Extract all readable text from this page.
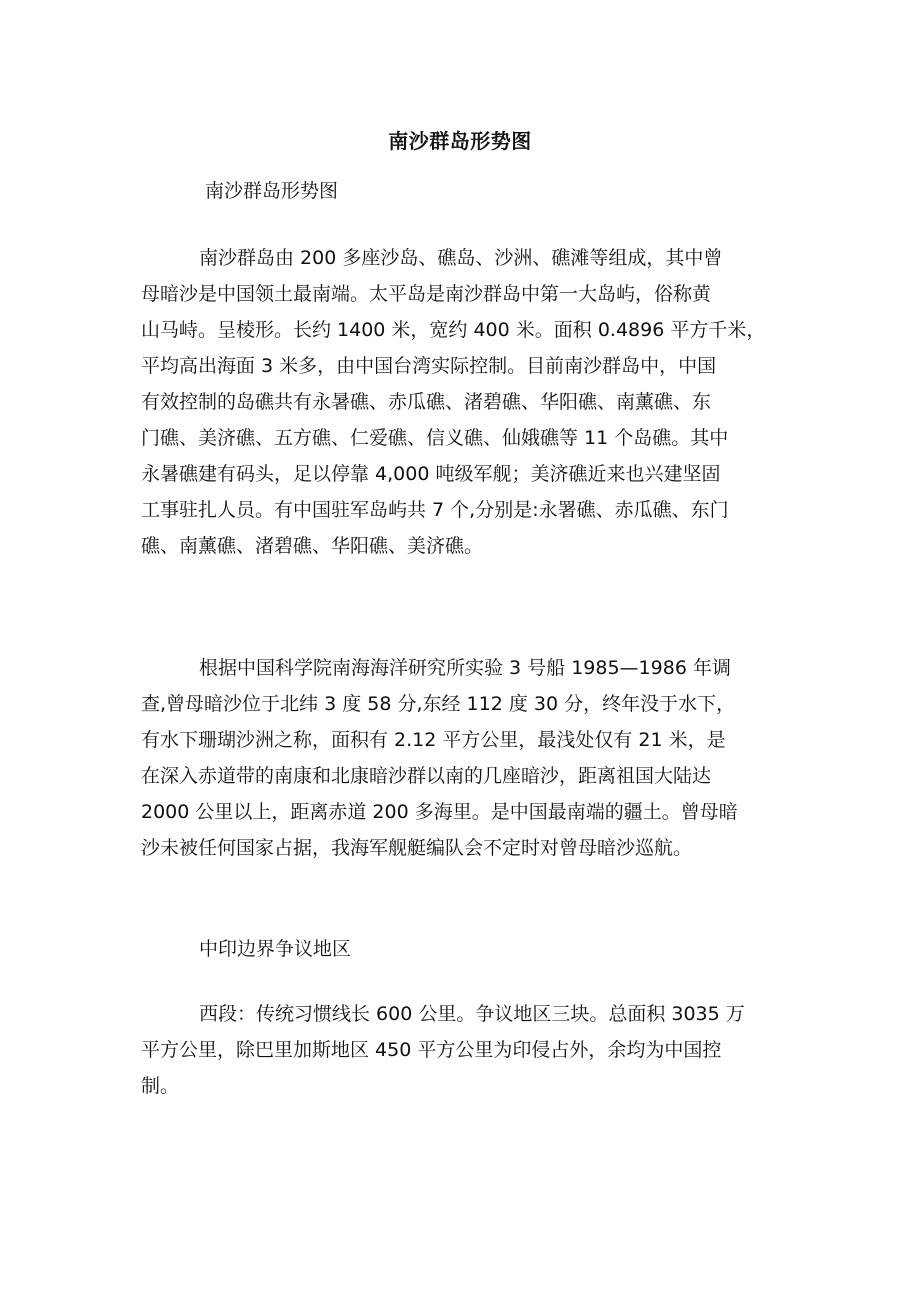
南沙群岛形势图
南沙群岛形势图
南沙群岛由 200 多座沙岛、礁岛、沙洲、礁滩等组成，其中曾
母暗沙是中国领土最南端。太平岛是南沙群岛中第一大岛屿，俗称黄
山马峙。呈棱形。长约 1400 米，宽约 400 米。面积 0.4896 平方千米，
平均高出海面 3 米多，由中国台湾实际控制。目前南沙群岛中，中国
有效控制的岛礁共有永暑礁、赤瓜礁、渚碧礁、华阳礁、南薰礁、东
门礁、美济礁、五方礁、仁爱礁、信义礁、仙娥礁等 11 个岛礁。其中
永暑礁建有码头，足以停靠 4,000 吨级军舰；美济礁近来也兴建坚固
工事驻扎人员。有中国驻军岛屿共 7 个,分别是:永署礁、赤瓜礁、东门
礁、南薰礁、渚碧礁、华阳礁、美济礁。
根据中国科学院南海海洋研究所实验 3 号船 1985—1986 年调
查,曾母暗沙位于北纬 3 度 58 分,东经 112 度 30 分，终年没于水下，
有水下珊瑚沙洲之称，面积有 2.12 平方公里，最浅处仅有 21 米，是
在深入赤道带的南康和北康暗沙群以南的几座暗沙，距离祖国大陆达
2000 公里以上，距离赤道 200 多海里。是中国最南端的疆土。曾母暗
沙未被任何国家占据，我海军舰艇编队会不定时对曾母暗沙巡航。
中印边界争议地区
西段：传统习惯线长 600 公里。争议地区三块。总面积 3035 万
平方公里，除巴里加斯地区 450 平方公里为印侵占外，余均为中国控
制。
